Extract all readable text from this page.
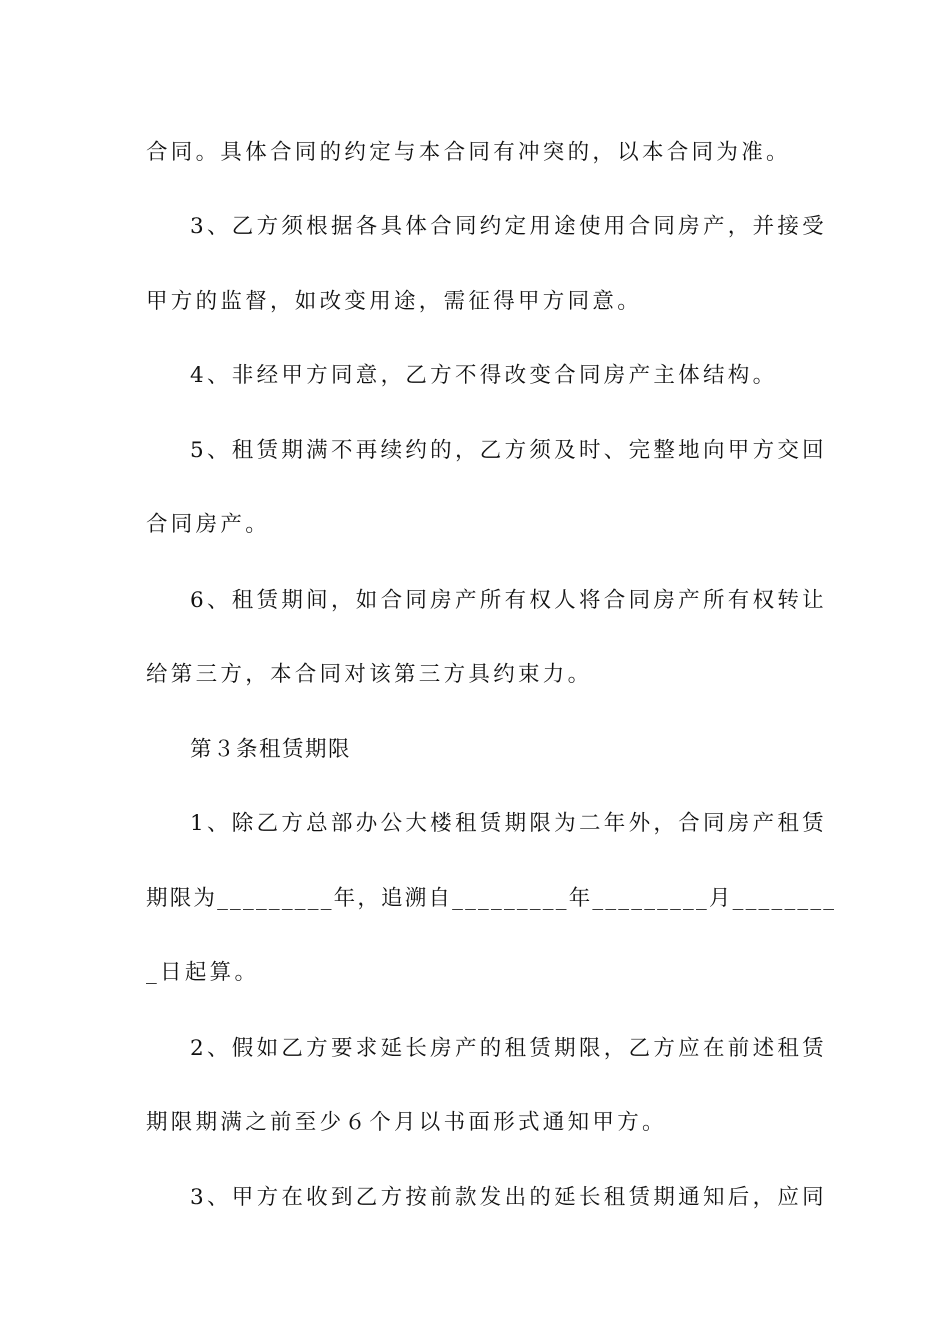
合同。具体合同的约定与本合同有冲突的，以本合同为准。
3、乙方须根据各具体合同约定用途使用合同房产，并接受
甲方的监督，如改变用途，需征得甲方同意。
4、非经甲方同意，乙方不得改变合同房产主体结构。
5、租赁期满不再续约的，乙方须及时、完整地向甲方交回
合同房产。
6、租赁期间，如合同房产所有权人将合同房产所有权转让
给第三方，本合同对该第三方具约束力。
第３条租赁期限
1、除乙方总部办公大楼租赁期限为二年外，合同房产租赁
期限为_________年，追溯自_________年_________月________
_日起算。
2、假如乙方要求延长房产的租赁期限，乙方应在前述租赁
期限期满之前至少６个月以书面形式通知甲方。
3、甲方在收到乙方按前款发出的延长租赁期通知后，应同
